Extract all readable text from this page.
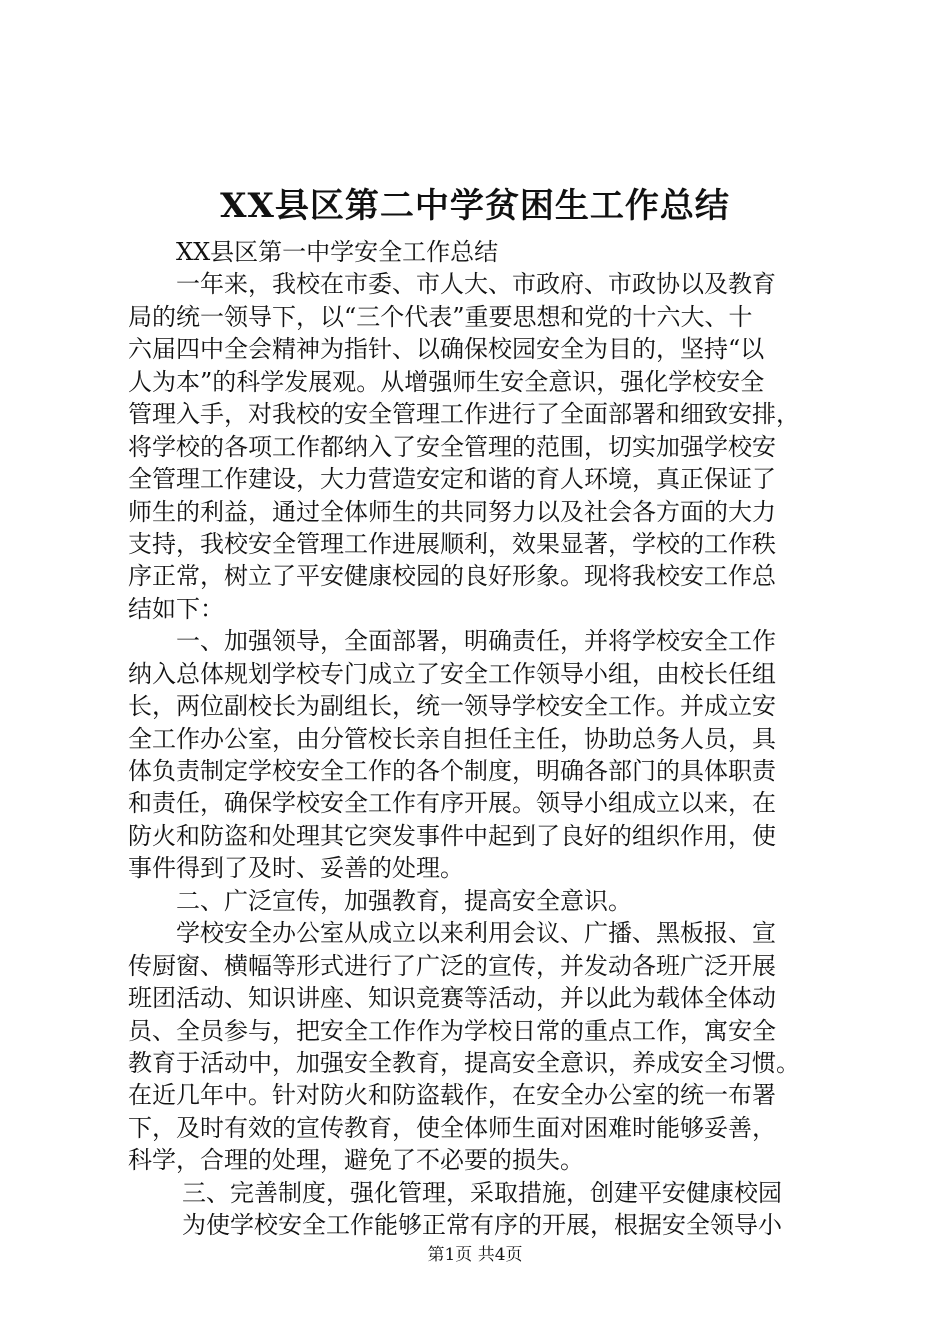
XX县区第二中学贫困生工作总结
XX县区第一中学安全工作总结
一年来，我校在市委、市人大、市政府、市政协以及教育
局的统一领导下，以“三个代表”重要思想和党的十六大、十
六届四中全会精神为指针、以确保校园安全为目的，坚持“以
人为本”的科学发展观。从增强师生安全意识，强化学校安全
管理入手，对我校的安全管理工作进行了全面部署和细致安排，
将学校的各项工作都纳入了安全管理的范围，切实加强学校安
全管理工作建设，大力营造安定和谐的育人环境，真正保证了
师生的利益，通过全体师生的共同努力以及社会各方面的大力
支持，我校安全管理工作进展顺利，效果显著，学校的工作秩
序正常，树立了平安健康校园的良好形象。现将我校安工作总
结如下：
一、加强领导，全面部署，明确责任，并将学校安全工作
纳入总体规划学校专门成立了安全工作领导小组，由校长任组
长，两位副校长为副组长，统一领导学校安全工作。并成立安
全工作办公室，由分管校长亲自担任主任，协助总务人员，具
体负责制定学校安全工作的各个制度，明确各部门的具体职责
和责任，确保学校安全工作有序开展。领导小组成立以来，在
防火和防盗和处理其它突发事件中起到了良好的组织作用，使
事件得到了及时、妥善的处理。
二、广泛宣传，加强教育，提高安全意识。
学校安全办公室从成立以来利用会议、广播、黑板报、宣
传厨窗、横幅等形式进行了广泛的宣传，并发动各班广泛开展
班团活动、知识讲座、知识竞赛等活动，并以此为载体全体动
员、全员参与，把安全工作作为学校日常的重点工作，寓安全
教育于活动中，加强安全教育，提高安全意识，养成安全习惯。
在近几年中。针对防火和防盗载作，在安全办公室的统一布署
下，及时有效的宣传教育，使全体师生面对困难时能够妥善，
科学，合理的处理，避免了不必要的损失。
三、完善制度，强化管理，采取措施，创建平安健康校园
为使学校安全工作能够正常有序的开展，根据安全领导小
第1页 共4页
